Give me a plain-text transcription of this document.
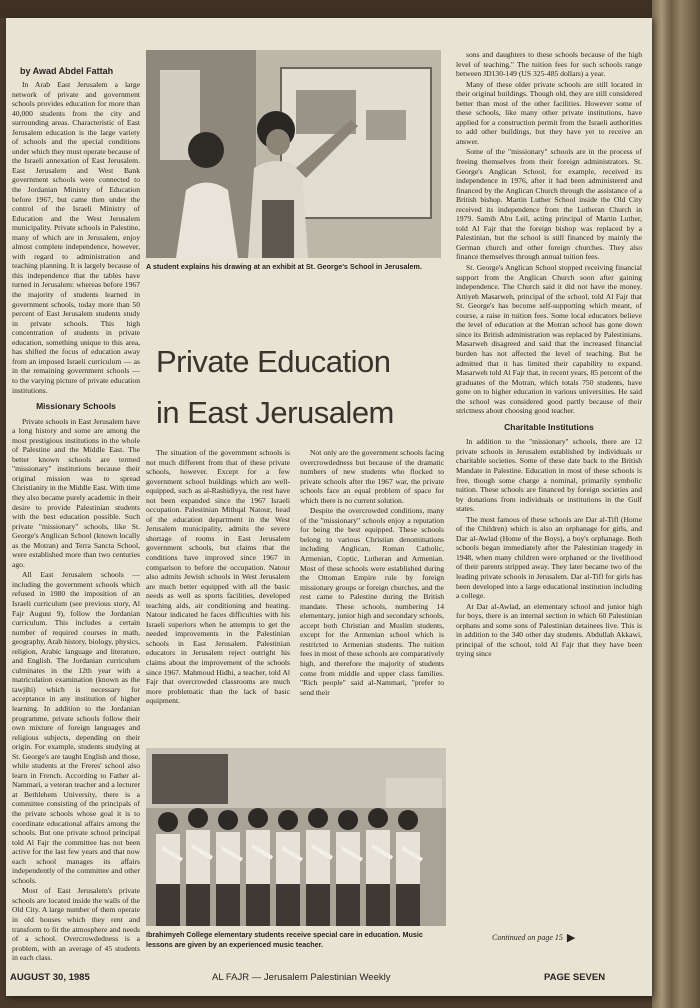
by Awad Abdel Fattah

In Arab East Jerusalem a large network of private and government schools provides education for more than 40,000 students from the city and surrounding areas. Characteristic of East Jerusalem education is the large variety of schools and the special conditions under which they must operate because of the Israeli annexation of East Jerusalem. East Jerusalem and West Bank government schools were connected to the Jordanian Ministry of Education before 1967, but came then under the control of the Israeli Ministry of Education and the West Jerusalem municipality. Private schools in Palestine, many of which are in Jerusalem, enjoy almost complete independence, however, with regard to administration and teaching planning. It is largely because of this independence that the tables have turned in Jerusalem: whereas before 1967 the majority of students learned in government schools, today more than 50 percent of East Jerusalem students study in private schools. This high concentration of students in private education, something unique to this area, has shifted the focus of education away from an imposed Israeli curriculum — as in the remaining government schools — to the varying picture of private education institutions.

Missionary Schools

Private schools in East Jerusalem have a long history and some are among the most prestigious institutions in the whole of Palestine and the Middle East. The better known schools are termed "missionary" institutions because their original mission was to spread Christianity in the Middle East. With time they also became purely academic in their desire to provide Palestinian students with the best education possible. Such private "missionary" schools, like St. George's Anglican School (known locally as the Motran) and Terra Sancta School, were established more than two centuries ago.

All East Jerusalem schools — including the government schools which refused in 1980 the imposition of an Israeli curriculum (see previous story, Al Fajr August 9), follow the Jordanian curriculum. This includes a certain number of required courses in math, geography, Arab history, biology, physics, religion, Arabic language and literature, and English. The Jordanian curriculum culminates in the 12th year with a matriculation examination (known as the tawjihi) which is necessary for acceptance in any institution of higher learning. In addition to the Jordanian programme, private schools follow their own mixture of foreign languages and religious subjects, depending on their origin. For example, students studying at St. George's are taught English and those, while students at the Freres' school also learn in French. According to Father al-Nammari, a veteran teacher and a lecturer at Bethlehem University, there is a committee consisting of the principals of the private schools whose goal it is to coordinate educational affairs among the schools. But one private school principal told Al Fajr the committee has not been active for the last few years and that now each school manages its affairs independently of the committee and other schools.

Most of East Jerusalem's private schools are located inside the walls of the Old City. A large number of them operate in old houses which they rent and transform to fit the atmosphere and needs of a school. Overcrowdedness is a problem, with an average of 45 students in each class.

A student explains his drawing at an exhibit at St. George's School in Jerusalem.
Private Education
in East Jerusalem

The situation of the government schools is not much different from that of these private schools, however. Except for a few government school buildings which are well-equipped, such as al-Rashidiyya, the rest have not been expanded since the 1967 Israeli occupation. Palestinian Mithqal Natour, head of the education department in the West Jerusalem municipality, admits the severe shortage of rooms in East Jerusalem government schools, but claims that the conditions have improved since 1967 in comparison to before the occupation. Natour also admits Jewish schools in West Jerusalem are much better equipped with all the basic needs as well as sports facilities, developed teaching aids, air conditioning and heating. Natour indicated he faces difficulties with his Israeli superiors when he attempts to get the needed improvements in the Palestinian schools in East Jerusalem. Palestinian educators in Jerusalem reject outright his claims about the improvement of the schools since 1967. Mahmoud Hidhi, a teacher, told Al Fajr that overcrowded classrooms are much more problematic than the lack of basic equipment.

Not only are the government schools facing overcrowdedness but because of the dramatic numbers of new students who flocked to private schools after the 1967 war, the private schools face an equal problem of space for which there is no current solution.

Despite the overcrowded conditions, many of the "missionary" schools enjoy a reputation for being the best equipped. These schools belong to various Christian denominations including Anglican, Roman Catholic, Armenian, Coptic, Lutheran and Armenian. Most of these schools were established during the Ottoman Empire rule by foreign missionary groups or foreign churches, and the rest came to Palestine during the British mandate. These schools, numbering 14 elementary, junior high and secondary schools, accept both Christian and Muslim students, except for the Armenian school which is restricted to Armenian students. The tuition fees in most of these schools are comparatively high, and therefore the majority of students come from middle and upper class families. "Rich people" said al-Nammari, "prefer to send their

Ibrahimyeh College elementary students receive special care in education. Music lessons are given by an experienced music teacher.

sons and daughters to these schools because of the high level of teaching." The tuition fees for such schools range between JD130-149 (US 325-485 dollars) a year.

Many of these older private schools are still located in their original buildings. Though old, they are still considered better than most of the other facilities. However some of these schools, like many other private institutions, have applied for a construction permit from the Israeli authorities to add other buildings, but they have yet to receive an answer.

Some of the "missionary" schools are in the process of freeing themselves from their foreign administrators. St. George's Anglican School, for example, received its independence in 1976, after it had been administered and financed by the Anglican Church through the assistance of a British bishop. Martin Luther School inside the Old City received its independence from the Lutheran Church in 1979. Samih Abu Leil, acting principal of Martin Luther, told Al Fajr that the foreign bishop was replaced by a Palestinian, but the school is still financed by mainly the German church and other foreign churches. They also finance themselves through annual tuition fees.

St. George's Anglican School stopped receiving financial support from the Anglican Church soon after gaining independence. The Church said it did not have the money. Attiyeh Masarweh, principal of the school, told Al Fajr that St. George's has become self-supporting which meant, of course, a raise in tuition fees. Some local educators believe the level of education at the Motran school has gone down since its British administration was replaced by Palestinians. Masarweh disagreed and said that the increased financial burden has not affected the level of teaching. But he admitted that it has limited their capability to expand. Masarweh told Al Fajr that, in recent years, 85 percent of the graduates of the Motran, which totals 750 students, have gone on to higher education in various universities. He said the school was considered good partly because of their strictness about choosing good teacher.

Charitable Institutions

In addition to the "missionary" schools, there are 12 private schools in Jerusalem established by individuals or charitable societies. Some of these date back to the British Mandate in Palestine. Education in most of these schools is free, though some charge a nominal, primarily symbolic tuition. These schools are financed by foreign societies and by donations from individuals or institutions in the Gulf states.

The most famous of these schools are Dar al-Tifl (Home of the Children) which is also an orphanage for girls, and Dar al-Awlad (Home of the Boys), a boy's orphanage. Both schools began immediately after the Palestinian tragedy in 1948, when many children were orphaned or the livelihood of their parents stripped away. They later became two of the leading private schools in Jerusalem. Dar al-Tifl for girls has been developed into a large educational institution including a college.

At Dar al-Awlad, an elementary school and junior high for boys, there is an internal section in which 60 Palestinian orphans and some sons of Palestinian detainees live. This is in addition to the 340 other day students. Abdullah Akkawi, principal of the school, told Al Fajr that they have been trying since

Continued on page 15 ▶
AUGUST 30, 1985	AL FAJR — Jerusalem Palestinian Weekly	PAGE SEVEN
